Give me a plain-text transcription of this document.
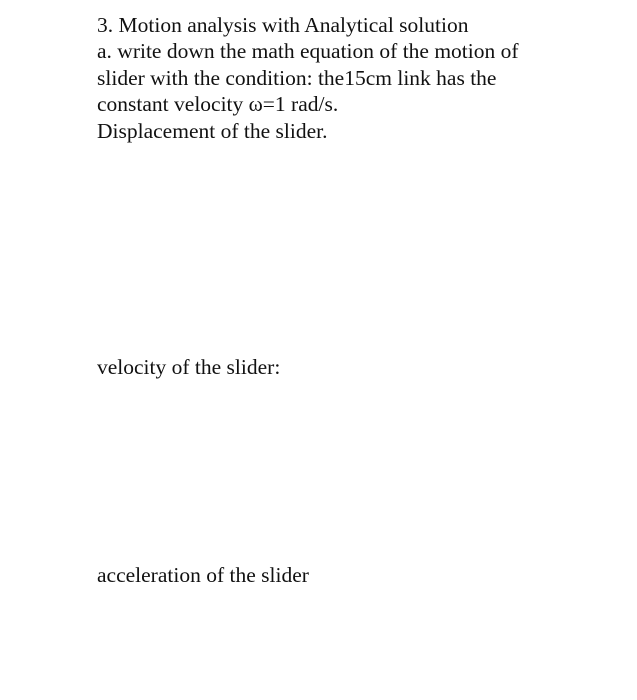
3. Motion analysis with Analytical solution
a. write down the math equation of the motion of
slider with the condition: the15cm link has the
constant velocity ω=1 rad/s.
Displacement of the slider.

velocity of the slider:

acceleration of the slider
